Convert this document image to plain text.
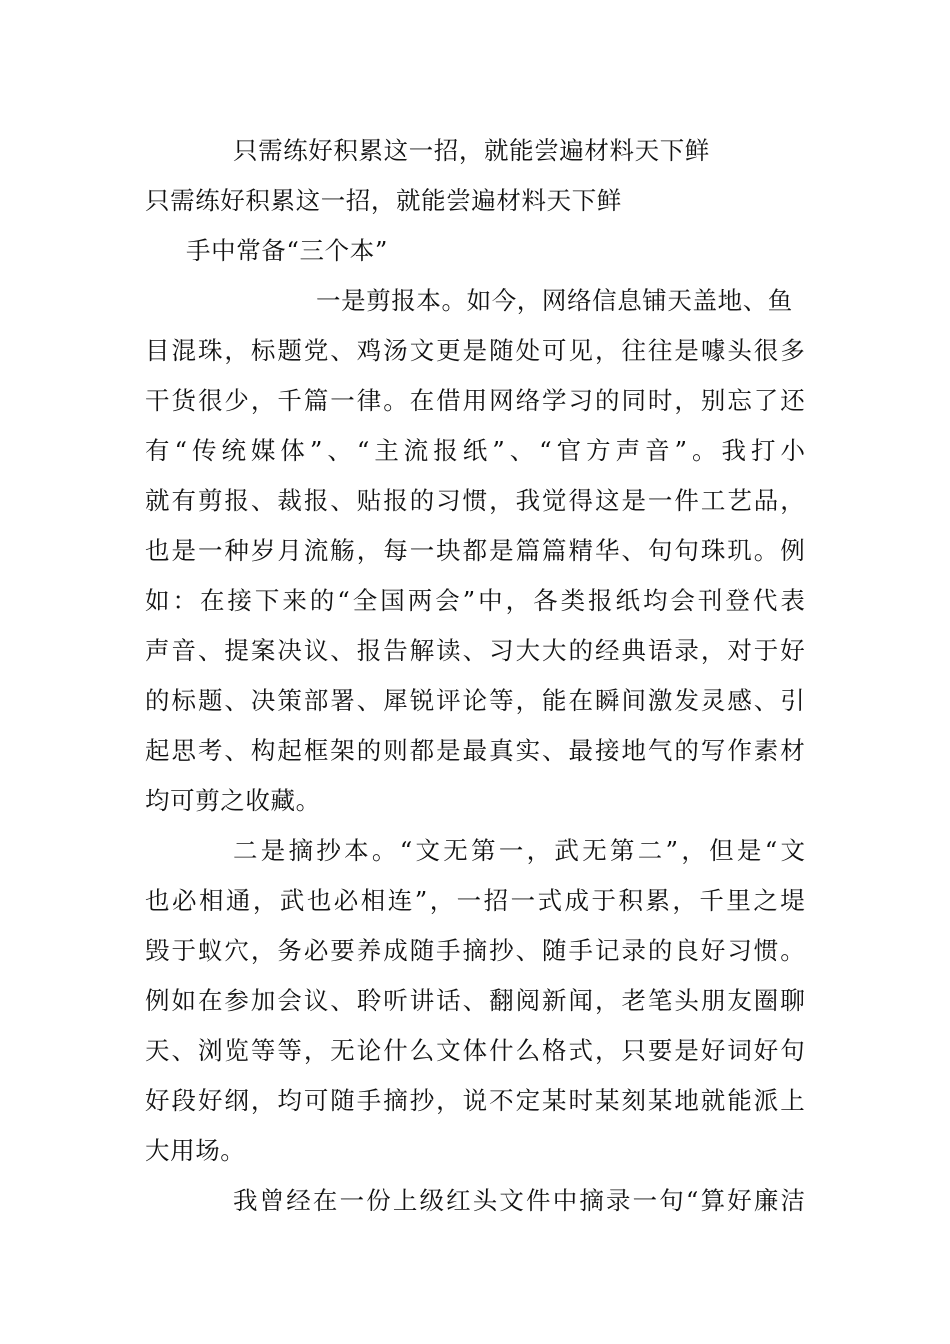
只需练好积累这一招，就能尝遍材料天下鲜
只需练好积累这一招，就能尝遍材料天下鲜
手中常备“三个本”
一是剪报本。如今，网络信息铺天盖地、鱼
目 混 珠 ， 标 题 党 、 鸡 汤 文 更 是 随 处 可 见 ， 往 往 是 噱 头 很 多
干 货 很 少 ， 千 篇 一 律 。 在 借 用 网 络 学 习 的 同 时 ， 别 忘 了 还
有 “ 传 统 媒 体 ” 、 “ 主 流 报 纸 ” 、 “ 官 方 声 音 ” 。 我 打 小
就 有 剪 报 、 裁 报 、 贴 报 的 习 惯 ， 我 觉 得 这 是 一 件 工 艺 品 ，
也 是 一 种 岁 月 流 觞 ， 每 一 块 都 是 篇 篇 精 华 、 句 句 珠 玑 。 例
如 ： 在 接 下 来 的 “ 全 国 两 会 ” 中 ， 各 类 报 纸 均 会 刊 登 代 表
声 音 、 提 案 决 议 、 报 告 解 读 、 习 大 大 的 经 典 语 录 ， 对 于 好
的 标 题 、 决 策 部 署 、 犀 锐 评 论 等 ， 能 在 瞬 间 激 发 灵 感 、 引
起 思 考 、 构 起 框 架 的 则 都 是 最 真 实 、 最 接 地 气 的 写 作 素 材
均可剪之收藏。
二 是 摘 抄 本 。 “ 文 无 第 一 ， 武 无 第 二 ” ， 但 是 “ 文
也 必 相 通 ， 武 也 必 相 连 ” ， 一 招 一 式 成 于 积 累 ， 千 里 之 堤
毁 于 蚁 穴 ， 务 必 要 养 成 随 手 摘 抄 、 随 手 记 录 的 良 好 习 惯 。
例 如 在 参 加 会 议 、 聆 听 讲 话 、 翻 阅 新 闻 ， 老 笔 头 朋 友 圈 聊
天 、 浏 览 等 等 ， 无 论 什 么 文 体 什 么 格 式 ， 只 要 是 好 词 好 句
好 段 好 纲 ， 均 可 随 手 摘 抄 ， 说 不 定 某 时 某 刻 某 地 就 能 派 上
大用场。
我 曾 经 在 一 份 上 级 红 头 文 件 中 摘 录 一 句 “ 算 好 廉 洁
